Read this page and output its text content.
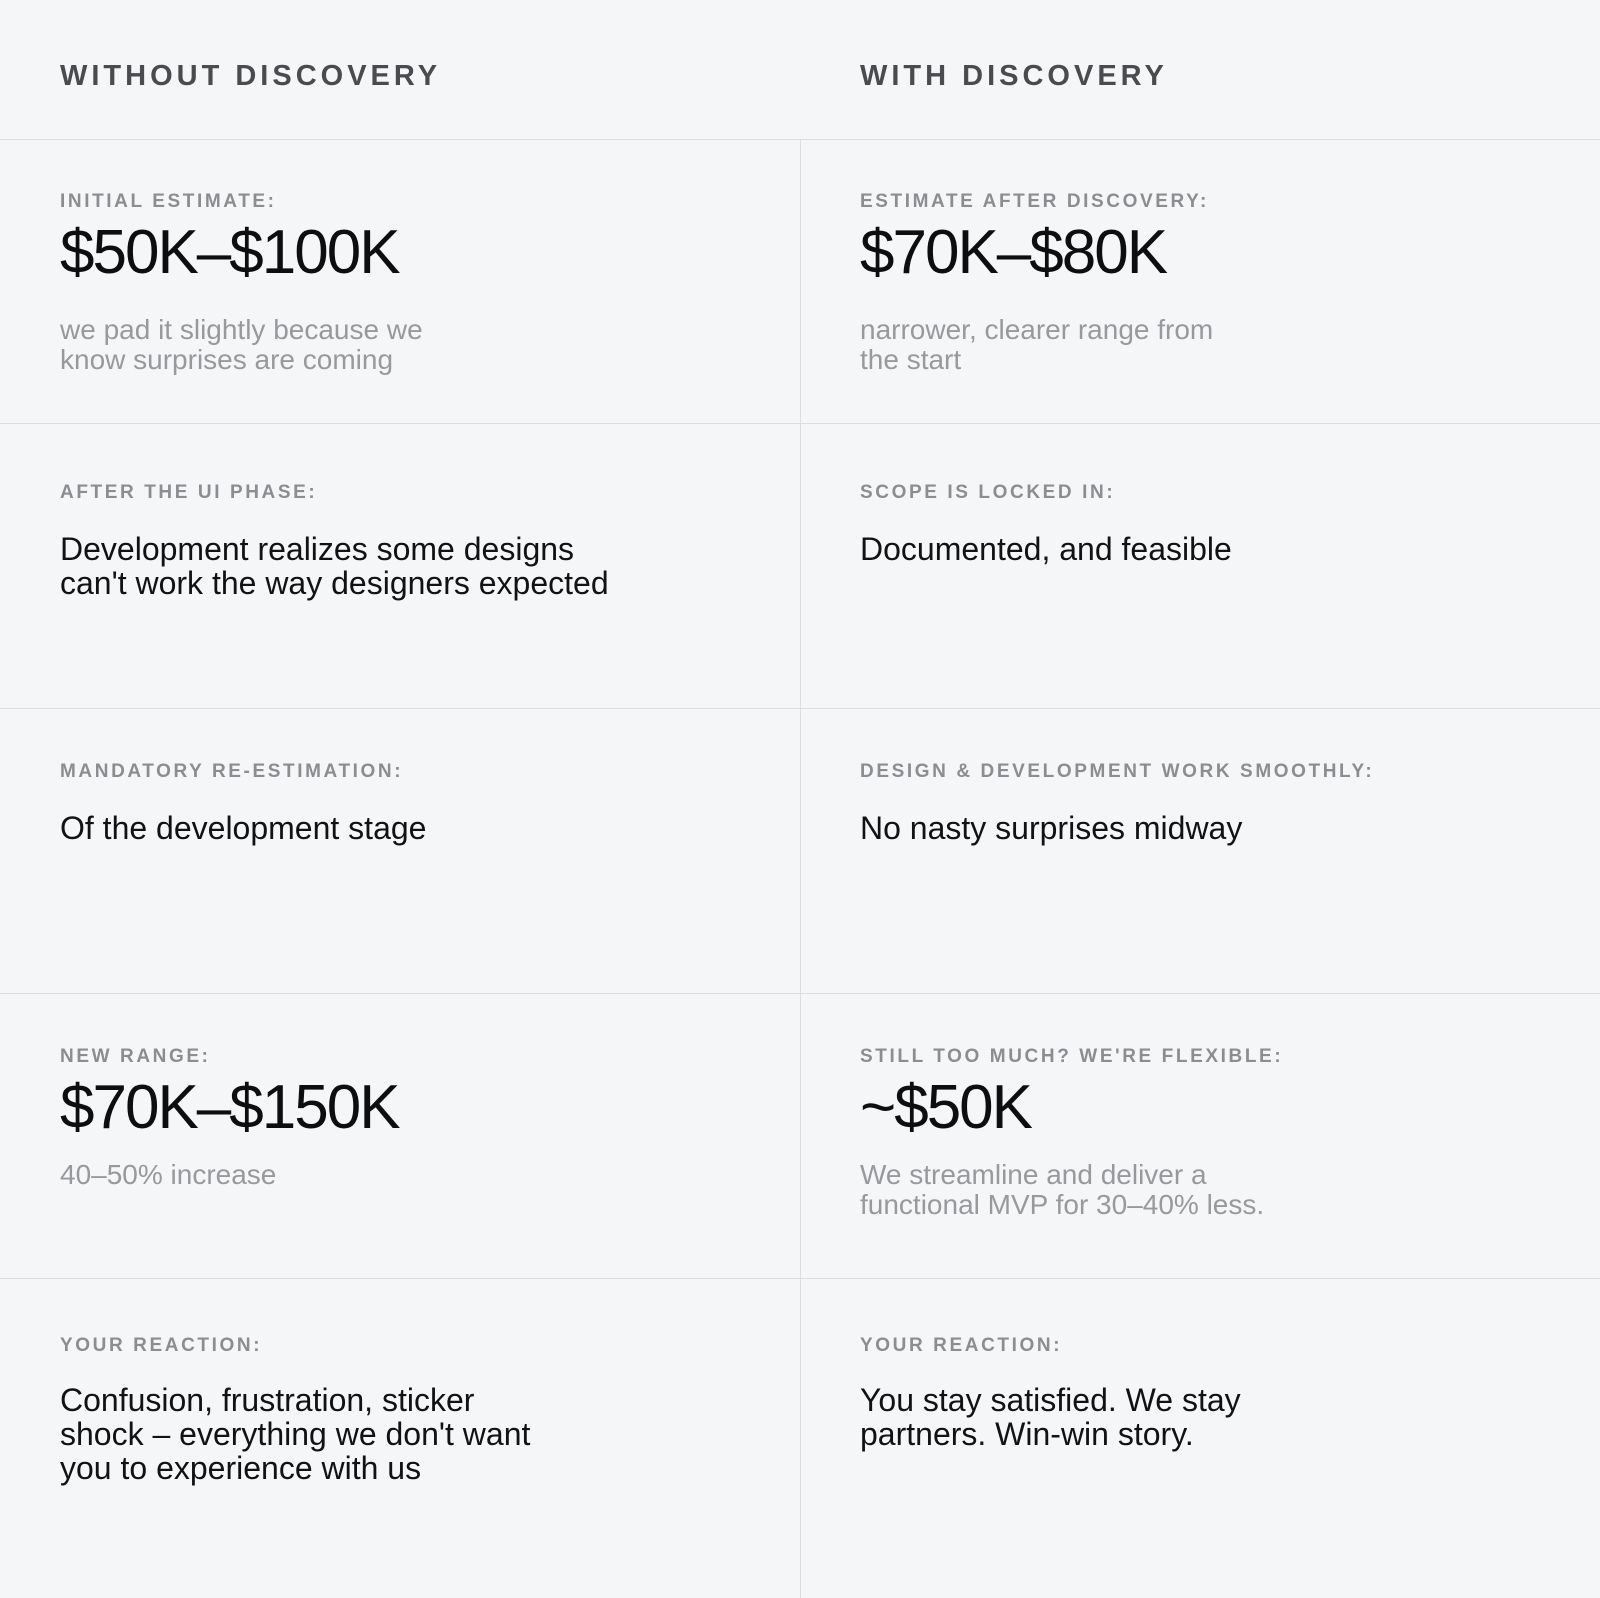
WITHOUT DISCOVERY	WITH DISCOVERY
INITIAL ESTIMATE:
$50K–$100K
we pad it slightly because we
know surprises are coming
ESTIMATE AFTER DISCOVERY:
$70K–$80K
narrower, clearer range from
the start
AFTER THE UI PHASE:
Development realizes some designs
can't work the way designers expected
SCOPE IS LOCKED IN:
Documented, and feasible
MANDATORY RE-ESTIMATION:
Of the development stage
DESIGN & DEVELOPMENT WORK SMOOTHLY:
No nasty surprises midway
NEW RANGE:
$70K–$150K
40–50% increase
STILL TOO MUCH? WE'RE FLEXIBLE:
~$50K
We streamline and deliver a
functional MVP for 30–40% less.
YOUR REACTION:
Confusion, frustration, sticker
shock – everything we don't want
you to experience with us
YOUR REACTION:
You stay satisfied. We stay
partners. Win-win story.
